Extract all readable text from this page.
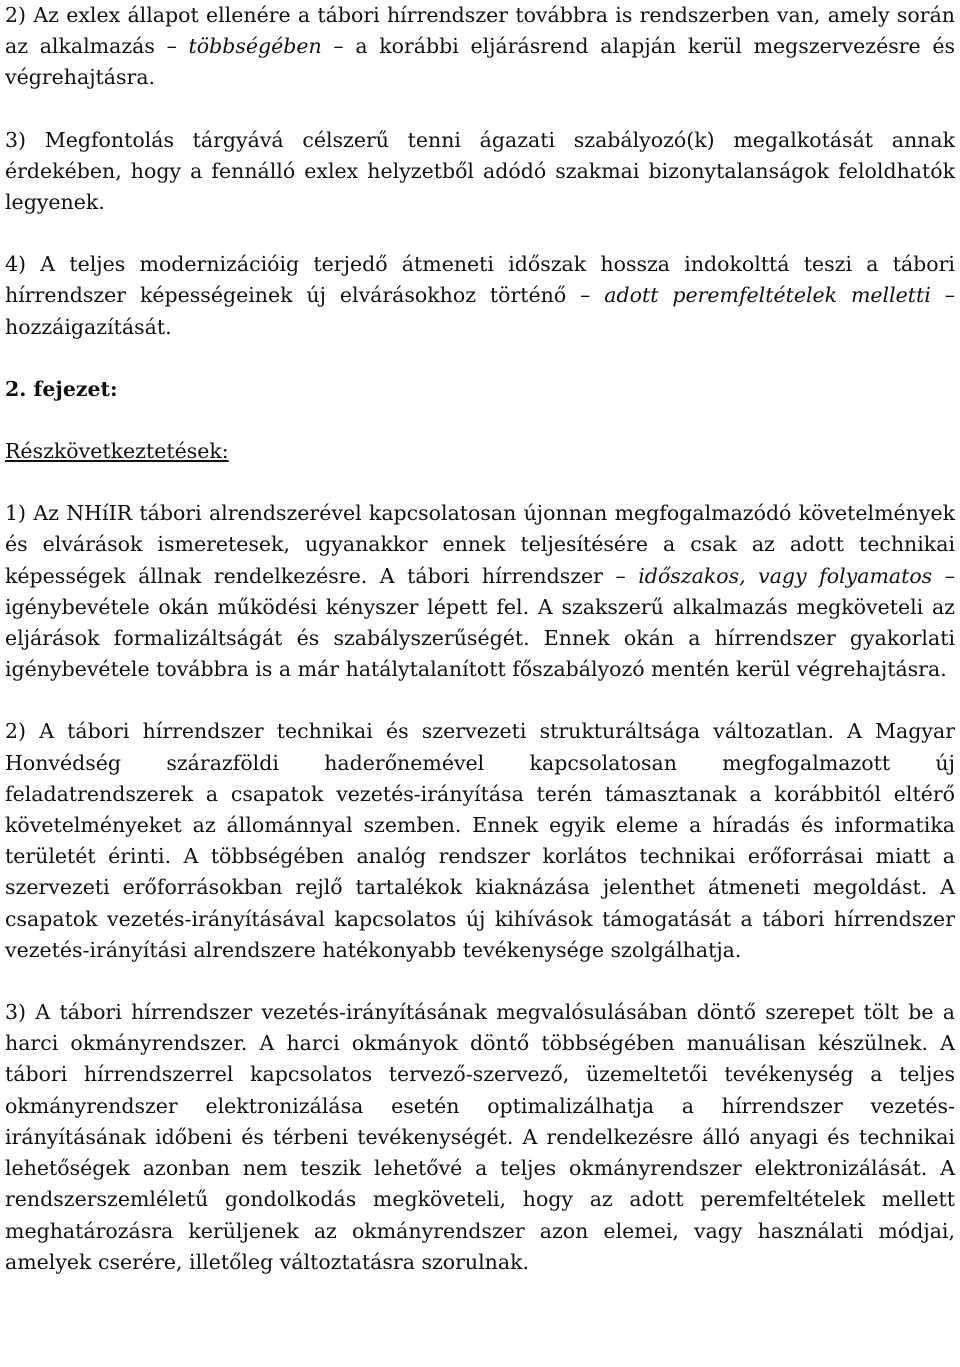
2) Az exlex állapot ellenére a tábori hírrendszer továbbra is rendszerben van, amely során az alkalmazás – többségében – a korábbi eljárásrend alapján kerül megszervezésre és végrehajtásra.

3) Megfontolás tárgyává célszerű tenni ágazati szabályozó(k) megalkotását annak érdekében, hogy a fennálló exlex helyzetből adódó szakmai bizonytalanságok feloldhatók legyenek.

4) A teljes modernizációig terjedő átmeneti időszak hossza indokolttá teszi a tábori hírrendszer képességeinek új elvárásokhoz történő – adott peremfeltételek melletti – hozzáigazítását.

2. fejezet:

Részkövetkeztetések:

1) Az NHíIR tábori alrendszerével kapcsolatosan újonnan megfogalmazódó követelmények és elvárások ismeretesek, ugyanakkor ennek teljesítésére a csak az adott technikai képességek állnak rendelkezésre. A tábori hírrendszer – időszakos, vagy folyamatos – igénybevétele okán működési kényszer lépett fel. A szakszerű alkalmazás megköveteli az eljárások formalizáltságát és szabályszerűségét. Ennek okán a hírrendszer gyakorlati igénybevétele továbbra is a már hatálytalanított főszabályozó mentén kerül végrehajtásra.

2) A tábori hírrendszer technikai és szervezeti strukturáltsága változatlan. A Magyar Honvédség szárazföldi haderőnemével kapcsolatosan megfogalmazott új feladatrendszerek a csapatok vezetés-irányítása terén támasztanak a korábbitól eltérő követelményeket az állománnyal szemben. Ennek egyik eleme a híradás és informatika területét érinti. A többségében analóg rendszer korlátos technikai erőforrásai miatt a szervezeti erőforrásokban rejlő tartalékok kiaknázása jelenthet átmeneti megoldást. A csapatok vezetés-irányításával kapcsolatos új kihívások támogatását a tábori hírrendszer vezetés-irányítási alrendszere hatékonyabb tevékenysége szolgálhatja.

3) A tábori hírrendszer vezetés-irányításának megvalósulásában döntő szerepet tölt be a harci okmányrendszer. A harci okmányok döntő többségében manuálisan készülnek. A tábori hírrendszerrel kapcsolatos tervező-szervező, üzemeltetői tevékenység a teljes okmányrendszer elektronizálása esetén optimalizálhatja a hírrendszer vezetés-irányításának időbeni és térbeni tevékenységét. A rendelkezésre álló anyagi és technikai lehetőségek azonban nem teszik lehetővé a teljes okmányrendszer elektronizálását. A rendszerszemléletű gondolkodás megköveteli, hogy az adott peremfeltételek mellett meghatározásra kerüljenek az okmányrendszer azon elemei, vagy használati módjai, amelyek cserére, illetőleg változtatásra szorulnak.
